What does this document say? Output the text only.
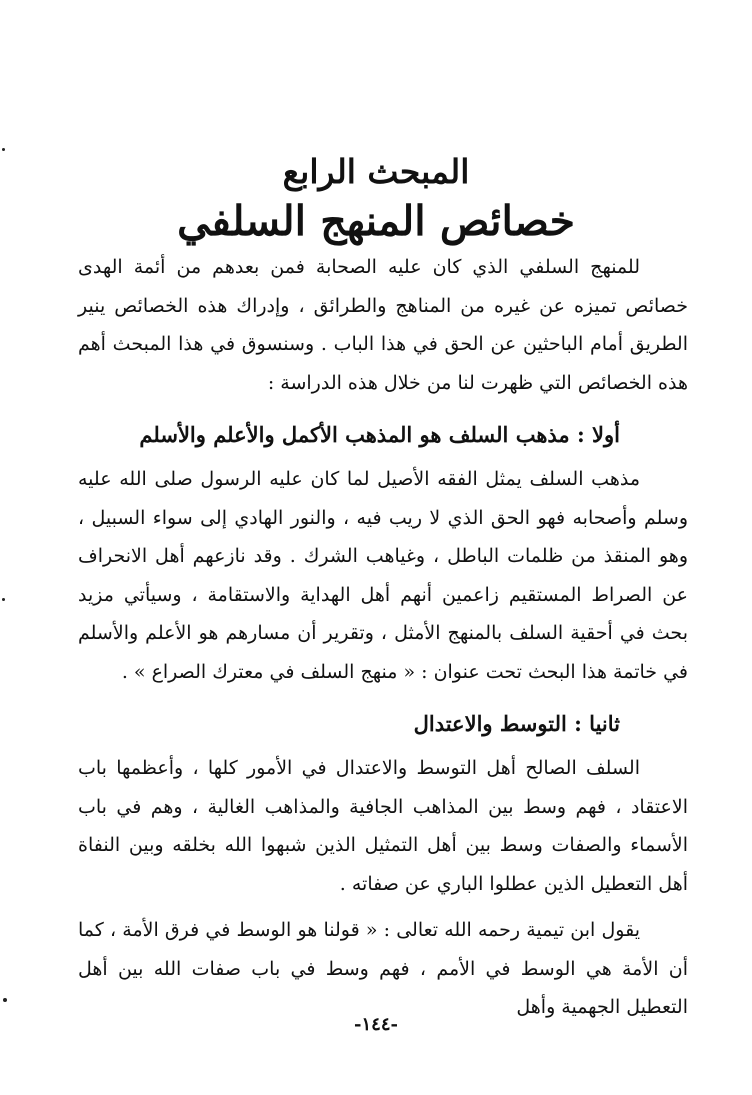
المبحث الرابع
خصائص المنهج السلفي

للمنهج السلفي الذي كان عليه الصحابة فمن بعدهم من أئمة الهدى خصائص تميزه عن غيره من المناهج والطرائق ، وإدراك هذه الخصائص ينير الطريق أمام الباحثين عن الحق في هذا الباب . وسنسوق في هذا المبحث أهم هذه الخصائص التي ظهرت لنا من خلال هذه الدراسة :

أولا : مذهب السلف هو المذهب الأكمل والأعلم والأسلم

مذهب السلف يمثل الفقه الأصيل لما كان عليه الرسول صلى الله عليه وسلم وأصحابه فهو الحق الذي لا ريب فيه ، والنور الهادي إلى سواء السبيل ، وهو المنقذ من ظلمات الباطل ، وغياهب الشرك . وقد نازعهم أهل الانحراف عن الصراط المستقيم زاعمين أنهم أهل الهداية والاستقامة ، وسيأتي مزيد بحث في أحقية السلف بالمنهج الأمثل ، وتقرير أن مسارهم هو الأعلم والأسلم في خاتمة هذا البحث تحت عنوان : « منهج السلف في معترك الصراع » .

ثانيا : التوسط والاعتدال

السلف الصالح أهل التوسط والاعتدال في الأمور كلها ، وأعظمها باب الاعتقاد ، فهم وسط بين المذاهب الجافية والمذاهب الغالية ، وهم في باب الأسماء والصفات وسط بين أهل التمثيل الذين شبهوا الله بخلقه وبين النفاة أهل التعطيل الذين عطلوا الباري عن صفاته .

يقول ابن تيمية رحمه الله تعالى : « قولنا هو الوسط في فرق الأمة ، كما أن الأمة هي الوسط في الأمم ، فهم وسط في باب صفات الله بين أهل التعطيل الجهمية وأهل

-١٤٤-
